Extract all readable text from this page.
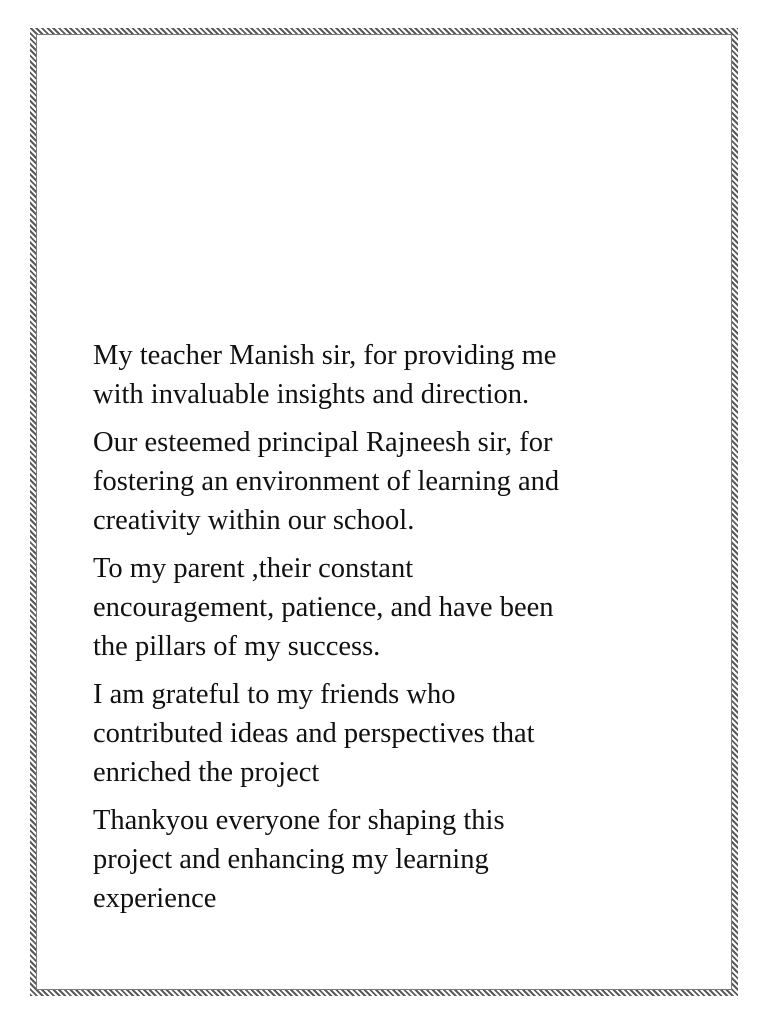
My teacher Manish sir, for providing me
with invaluable insights and direction.

Our esteemed principal Rajneesh sir, for
fostering an environment of learning and
creativity within our school.

To my parent ,their constant
encouragement, patience, and have been
the pillars of my success.

I am grateful to my friends who
contributed ideas and perspectives that
enriched the project

Thankyou everyone for shaping this
project and enhancing my learning
experience
